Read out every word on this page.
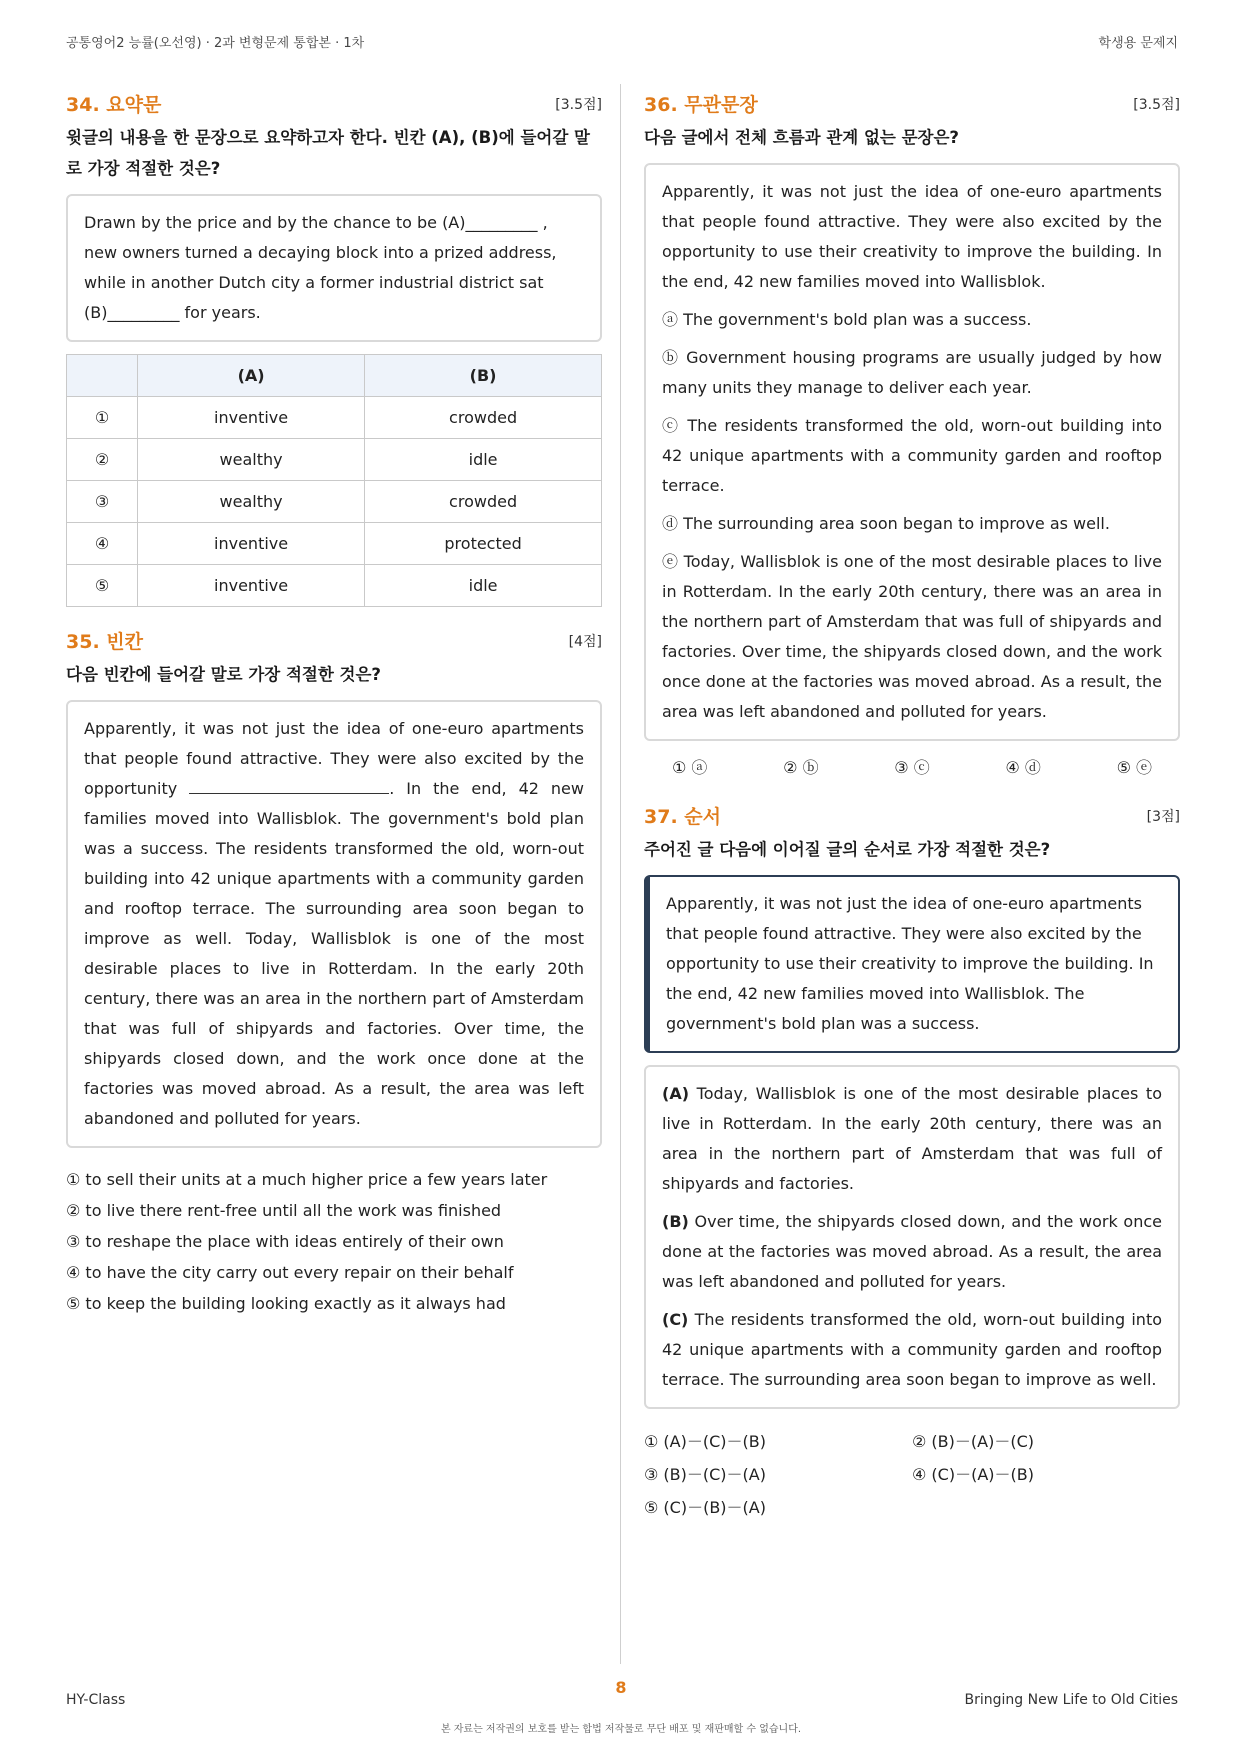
공통영어2 능률(오선영) · 2과 변형문제 통합본 · 1차	학생용 문제지
34. 요약문	[3.5점]
윗글의 내용을 한 문장으로 요약하고자 한다. 빈칸 (A), (B)에 들어갈 말로 가장 적절한 것은?
Drawn by the price and by the chance to be (A)_________ , new owners turned a decaying block into a prized address, while in another Dutch city a former industrial district sat (B)_________ for years.
	(A)	(B)
①	inventive	crowded
②	wealthy	idle
③	wealthy	crowded
④	inventive	protected
⑤	inventive	idle
35. 빈칸	[4점]
다음 빈칸에 들어갈 말로 가장 적절한 것은?
Apparently, it was not just the idea of one-euro apartments that people found attractive. They were also excited by the opportunity	. In the end, 42 new families moved into Wallisblok. The government's bold plan was a success. The residents transformed the old, worn-out building into 42 unique apartments with a community garden and rooftop terrace. The surrounding area soon began to improve as well. Today, Wallisblok is one of the most desirable places to live in Rotterdam. In the early 20th century, there was an area in the northern part of Amsterdam that was full of shipyards and factories. Over time, the shipyards closed down, and the work once done at the factories was moved abroad. As a result, the area was left abandoned and polluted for years.
① to sell their units at a much higher price a few years later
② to live there rent-free until all the work was finished
③ to reshape the place with ideas entirely of their own
④ to have the city carry out every repair on their behalf
⑤ to keep the building looking exactly as it always had
36. 무관문장	[3.5점]
다음 글에서 전체 흐름과 관계 없는 문장은?

Apparently, it was not just the idea of one-euro apartments that people found attractive. They were also excited by the opportunity to use their creativity to improve the building. In the end, 42 new families moved into Wallisblok.

ⓐ The government's bold plan was a success.

ⓑ Government housing programs are usually judged by how many units they manage to deliver each year.

ⓒ The residents transformed the old, worn-out building into 42 unique apartments with a community garden and rooftop terrace.

ⓓ The surrounding area soon began to improve as well.

ⓔ Today, Wallisblok is one of the most desirable places to live in Rotterdam. In the early 20th century, there was an area in the northern part of Amsterdam that was full of shipyards and factories. Over time, the shipyards closed down, and the work once done at the factories was moved abroad. As a result, the area was left abandoned and polluted for years.

① ⓐ	② ⓑ	③ ⓒ	④ ⓓ	⑤ ⓔ
37. 순서	[3점]
주어진 글 다음에 이어질 글의 순서로 가장 적절한 것은?
Apparently, it was not just the idea of one-euro apartments that people found attractive. They were also excited by the opportunity to use their creativity to improve the building. In the end, 42 new families moved into Wallisblok. The government's bold plan was a success.

(A) Today, Wallisblok is one of the most desirable places to live in Rotterdam. In the early 20th century, there was an area in the northern part of Amsterdam that was full of shipyards and factories.

(B) Over time, the shipyards closed down, and the work once done at the factories was moved abroad. As a result, the area was left abandoned and polluted for years.

(C) The residents transformed the old, worn-out building into 42 unique apartments with a community garden and rooftop terrace. The surrounding area soon began to improve as well.

① (A)－(C)－(B)	② (B)－(A)－(C)
③ (B)－(C)－(A)	④ (C)－(A)－(B)
⑤ (C)－(B)－(A)
HY-Class
8
Bringing New Life to Old Cities
본 자료는 저작권의 보호를 받는 합법 저작물로 무단 배포 및 재판매할 수 없습니다.
